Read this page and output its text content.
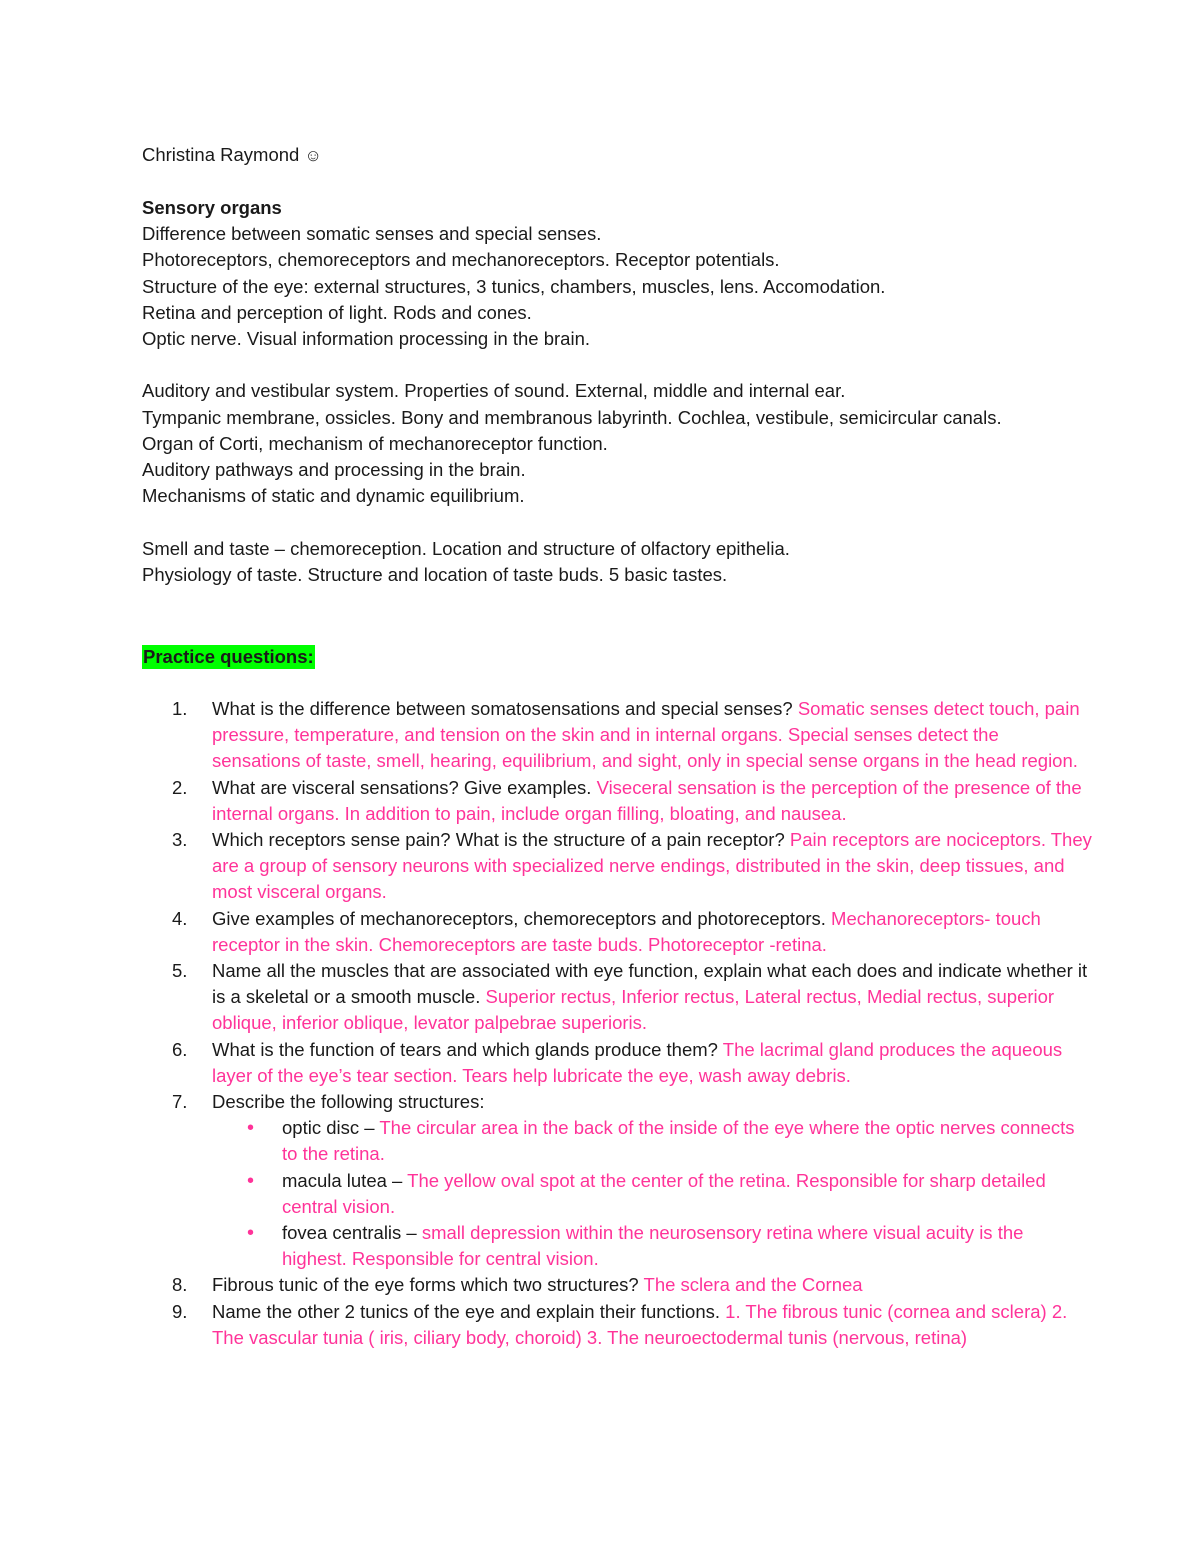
Christina Raymond ☺
Sensory organs
Difference between somatic senses and special senses.
Photoreceptors, chemoreceptors and mechanoreceptors. Receptor potentials.
Structure of the eye: external structures, 3 tunics, chambers, muscles, lens. Accomodation.
Retina and perception of light. Rods and cones.
Optic nerve. Visual information processing in the brain.
Auditory and vestibular system. Properties of sound. External, middle and internal ear.
Tympanic membrane, ossicles. Bony and membranous labyrinth. Cochlea, vestibule, semicircular canals.
Organ of Corti, mechanism of mechanoreceptor function.
Auditory pathways and processing in the brain.
Mechanisms of static and dynamic equilibrium.
Smell and taste – chemoreception. Location and structure of olfactory epithelia.
Physiology of taste. Structure and location of taste buds. 5 basic tastes.
Practice questions:
1. What is the difference between somatosensations and special senses? Somatic senses detect touch, pain pressure, temperature, and tension on the skin and in internal organs. Special senses detect the sensations of taste, smell, hearing, equilibrium, and sight, only in special sense organs in the head region.
2. What are visceral sensations? Give examples. Viseceral sensation is the perception of the presence of the internal organs. In addition to pain, include organ filling, bloating, and nausea.
3. Which receptors sense pain? What is the structure of a pain receptor? Pain receptors are nociceptors. They are a group of sensory neurons with specialized nerve endings, distributed in the skin, deep tissues, and most visceral organs.
4. Give examples of mechanoreceptors, chemoreceptors and photoreceptors. Mechanoreceptors- touch receptor in the skin. Chemoreceptors are taste buds. Photoreceptor -retina.
5. Name all the muscles that are associated with eye function, explain what each does and indicate whether it is a skeletal or a smooth muscle. Superior rectus, Inferior rectus, Lateral rectus, Medial rectus, superior oblique, inferior oblique, levator palpebrae superioris.
6. What is the function of tears and which glands produce them? The lacrimal gland produces the aqueous layer of the eye’s tear section. Tears help lubricate the eye, wash away debris.
7. Describe the following structures:
• optic disc – The circular area in the back of the inside of the eye where the optic nerves connects to the retina.
• macula lutea – The yellow oval spot at the center of the retina. Responsible for sharp detailed central vision.
• fovea centralis – small depression within the neurosensory retina where visual acuity is the highest. Responsible for central vision.
8. Fibrous tunic of the eye forms which two structures? The sclera and the Cornea
9. Name the other 2 tunics of the eye and explain their functions. 1. The fibrous tunic (cornea and sclera) 2. The vascular tunia ( iris, ciliary body, choroid) 3. The neuroectodermal tunis (nervous, retina)
